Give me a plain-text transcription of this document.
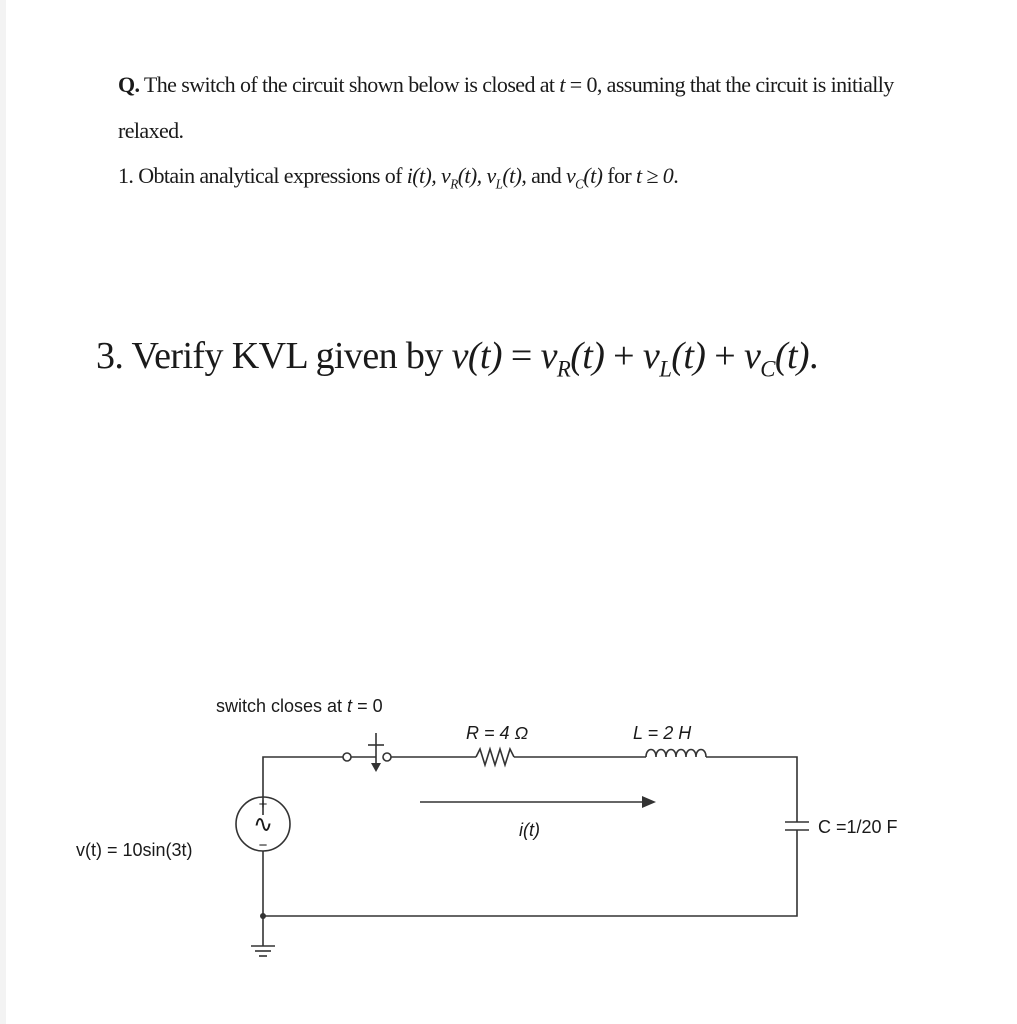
Q. The switch of the circuit shown below is closed at t = 0, assuming that the circuit is initially
relaxed.
1. Obtain analytical expressions of i(t), $v_R(t)$, $v_L(t)$, and $v_C(t)$ for t ≥ 0.
3. Verify KVL given by $v(t) = v_R(t) + v_L(t) + v_C(t)$.
+
∿
−
switch closes at t = 0
R = 4 Ω	L = 2 H
i(t)	C =1/20 F
v(t) = 10sin(3t)
